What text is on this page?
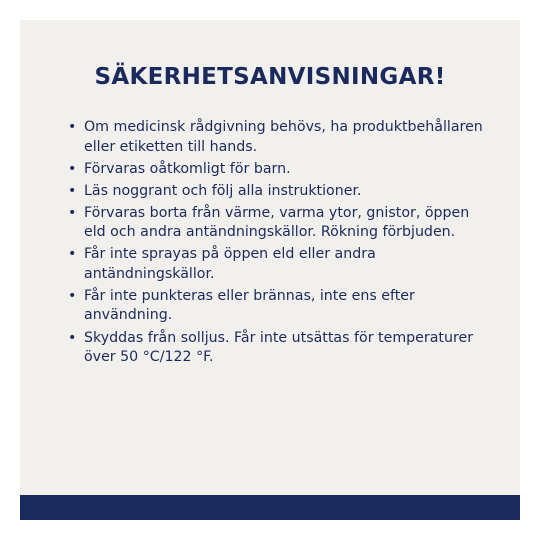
SÄKERHETSANVISNINGAR!
• Om medicinsk rådgivning behövs, ha produktbehållaren eller etiketten till hands.
• Förvaras oåtkomligt för barn.
• Läs noggrant och följ alla instruktioner.
• Förvaras borta från värme, varma ytor, gnistor, öppen eld och andra antändningskällor. Rökning förbjuden.
• Får inte sprayas på öppen eld eller andra antändningskällor.
• Får inte punkteras eller brännas, inte ens efter användning.
• Skyddas från solljus. Får inte utsättas för temperaturer över 50 °C/122 °F.
